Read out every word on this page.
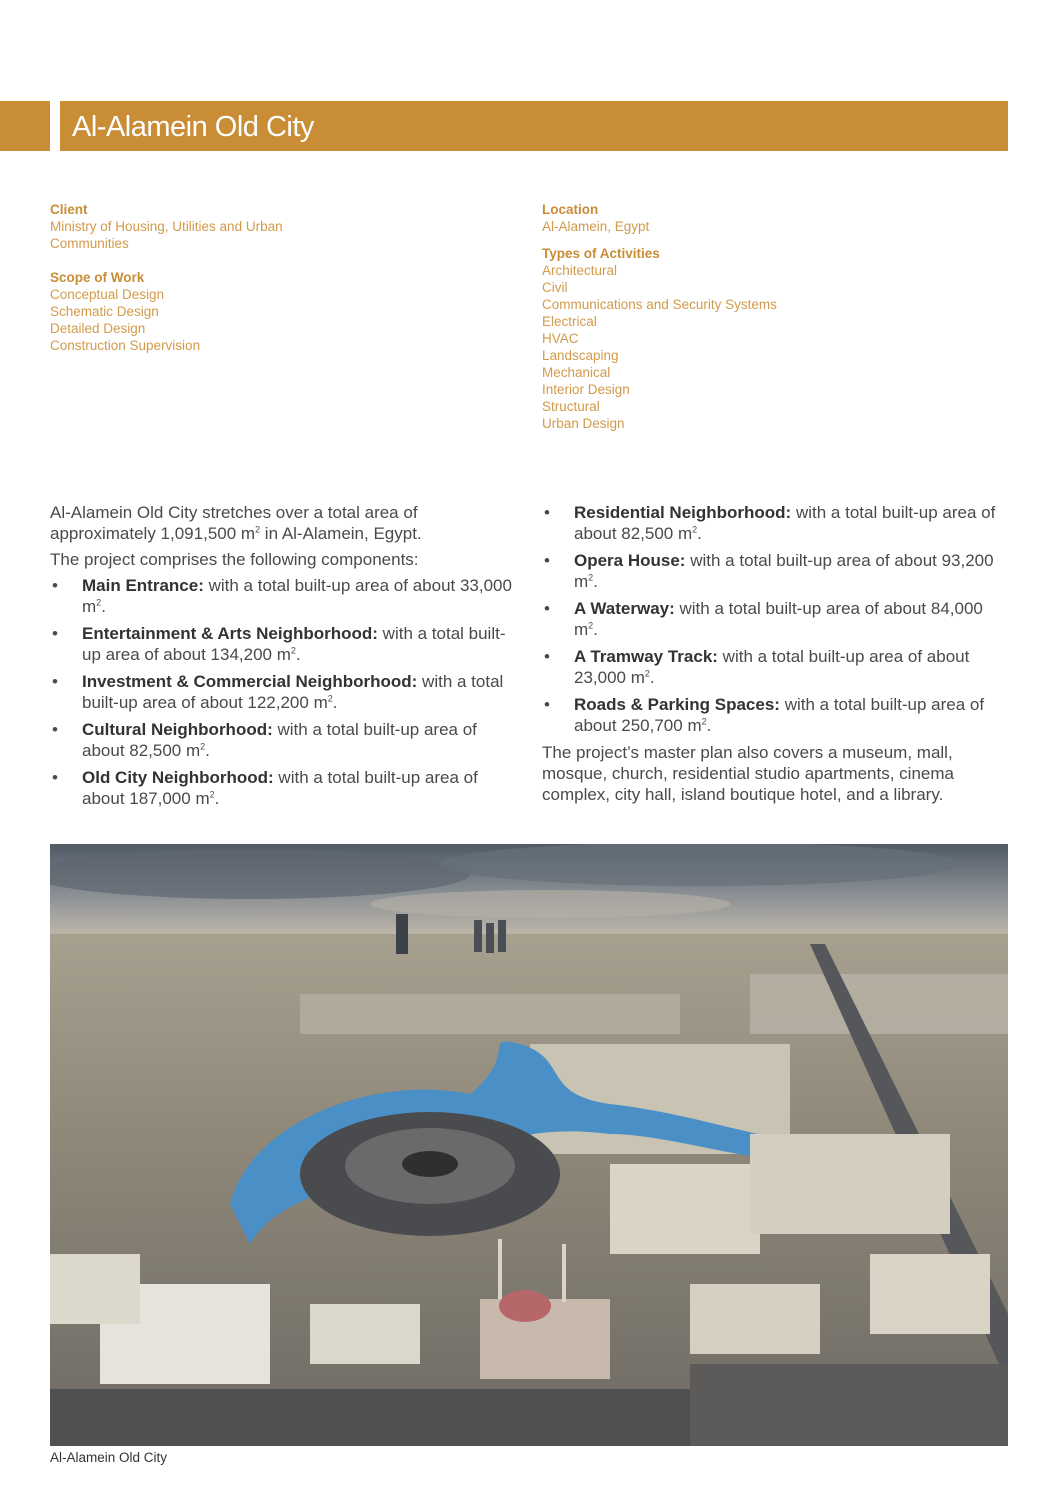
Al-Alamein Old City
Client
Ministry of Housing, Utilities and Urban
Communities
Scope of Work
Conceptual Design
Schematic Design
Detailed Design
Construction Supervision
Location
Al-Alamein, Egypt
Types of Activities
Architectural
Civil
Communications and Security Systems
Electrical
HVAC
Landscaping
Mechanical
Interior Design
Structural
Urban Design

Al-Alamein Old City stretches over a total area of approximately 1,091,500 $m^2$ in Al-Alamein, Egypt.

The project comprises the following components:

• Main Entrance: with a total built-up area of about 33,000 $m^2$.
• Entertainment & Arts Neighborhood: with a total built-up area of about 134,200 $m^2$.
• Investment & Commercial Neighborhood: with a total built-up area of about 122,200 $m^2$.
• Cultural Neighborhood: with a total built-up area of about 82,500 $m^2$.
• Old City Neighborhood: with a total built-up area of about 187,000 $m^2$.
• Residential Neighborhood: with a total built-up area of about 82,500 $m^2$.
• Opera House: with a total built-up area of about 93,200 $m^2$.
• A Waterway: with a total built-up area of about 84,000 $m^2$.
• A Tramway Track: with a total built-up area of about 23,000 $m^2$.
• Roads & Parking Spaces: with a total built-up area of about 250,700 $m^2$.

The project’s master plan also covers a museum, mall, mosque, church, residential studio apartments, cinema complex, city hall, island boutique hotel, and a library.

Al-Alamein Old City
